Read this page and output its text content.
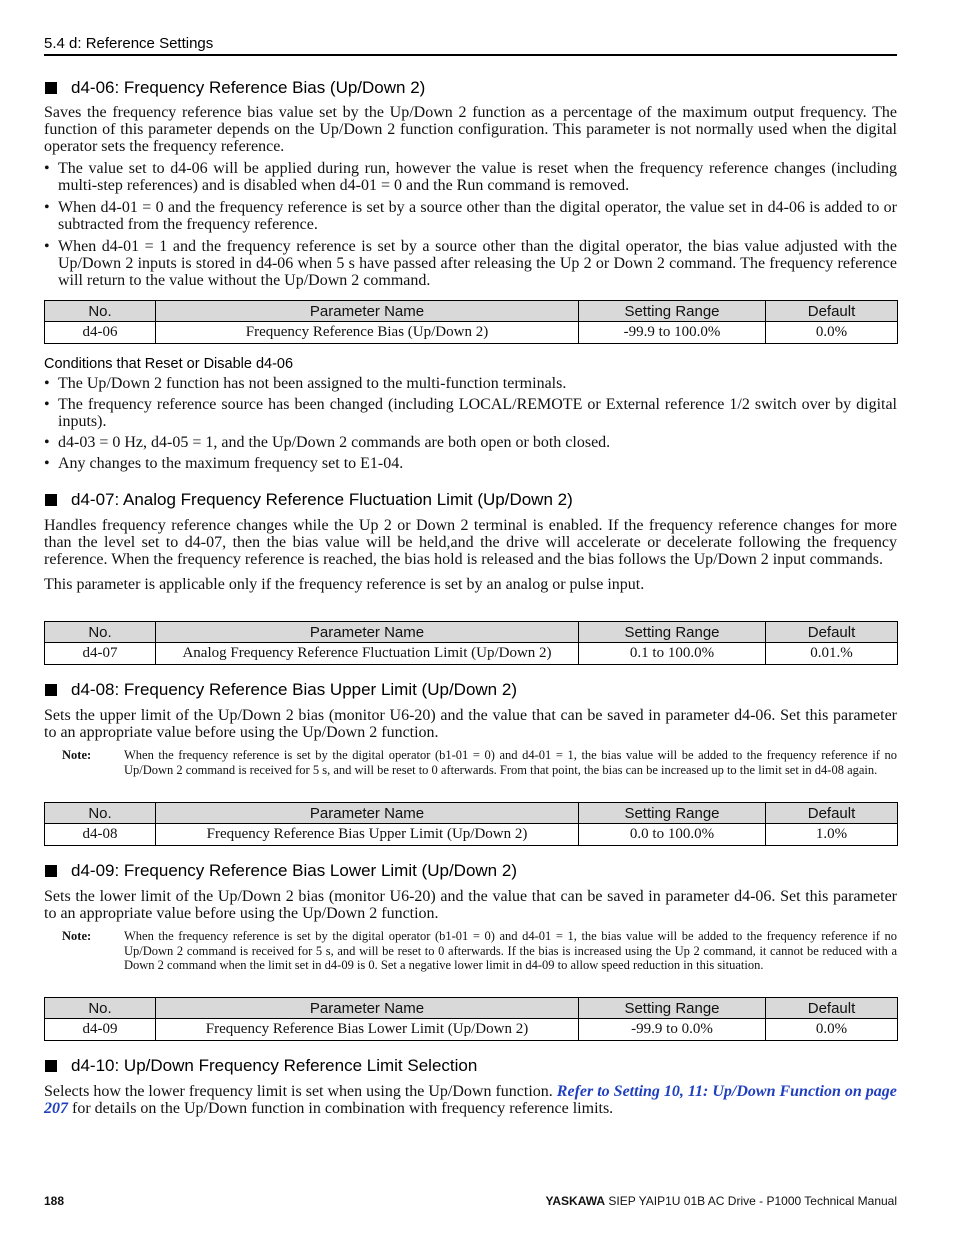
5.4 d: Reference Settings
d4-06: Frequency Reference Bias (Up/Down 2)

Saves the frequency reference bias value set by the Up/Down 2 function as a percentage of the maximum output frequency. The function of this parameter depends on the Up/Down 2 function configuration. This parameter is not normally used when the digital operator sets the frequency reference.

• The value set to d4-06 will be applied during run, however the value is reset when the frequency reference changes (including multi-step references) and is disabled when d4-01 = 0 and the Run command is removed.
• When d4-01 = 0 and the frequency reference is set by a source other than the digital operator, the value set in d4-06 is added to or subtracted from the frequency reference.
• When d4-01 = 1 and the frequency reference is set by a source other than the digital operator, the bias value adjusted with the Up/Down 2 inputs is stored in d4-06 when 5 s have passed after releasing the Up 2 or Down 2 command. The frequency reference will return to the value without the Up/Down 2 command.
No.	Parameter Name	Setting Range	Default
d4-06	Frequency Reference Bias (Up/Down 2)	-99.9 to 100.0%	0.0%
Conditions that Reset or Disable d4-06
• The Up/Down 2 function has not been assigned to the multi-function terminals.
• The frequency reference source has been changed (including LOCAL/REMOTE or External reference 1/2 switch over by digital inputs).
• d4-03 = 0 Hz, d4-05 = 1, and the Up/Down 2 commands are both open or both closed.
• Any changes to the maximum frequency set to E1-04.
d4-07: Analog Frequency Reference Fluctuation Limit (Up/Down 2)

Handles frequency reference changes while the Up 2 or Down 2 terminal is enabled. If the frequency reference changes for more than the level set to d4-07, then the bias value will be held,and the drive will accelerate or decelerate following the frequency reference. When the frequency reference is reached, the bias hold is released and the bias follows the Up/Down 2 input commands.

This parameter is applicable only if the frequency reference is set by an analog or pulse input.

No.	Parameter Name	Setting Range	Default
d4-07	Analog Frequency Reference Fluctuation Limit (Up/Down 2)	0.1 to 100.0%	0.01.%
d4-08: Frequency Reference Bias Upper Limit (Up/Down 2)

Sets the upper limit of the Up/Down 2 bias (monitor U6-20) and the value that can be saved in parameter d4-06. Set this parameter to an appropriate value before using the Up/Down 2 function.

Note:	When the frequency reference is set by the digital operator (b1-01 = 0) and d4-01 = 1, the bias value will be added to the frequency reference if no Up/Down 2 command is received for 5 s, and will be reset to 0 afterwards. From that point, the bias can be increased up to the limit set in d4-08 again.
No.	Parameter Name	Setting Range	Default
d4-08	Frequency Reference Bias Upper Limit (Up/Down 2)	0.0 to 100.0%	1.0%
d4-09: Frequency Reference Bias Lower Limit (Up/Down 2)

Sets the lower limit of the Up/Down 2 bias (monitor U6-20) and the value that can be saved in parameter d4-06. Set this parameter to an appropriate value before using the Up/Down 2 function.

Note:	When the frequency reference is set by the digital operator (b1-01 = 0) and d4-01 = 1, the bias value will be added to the frequency reference if no Up/Down 2 command is received for 5 s, and will be reset to 0 afterwards. If the bias is increased using the Up 2 command, it cannot be reduced with a Down 2 command when the limit set in d4-09 is 0. Set a negative lower limit in d4-09 to allow speed reduction in this situation.
No.	Parameter Name	Setting Range	Default
d4-09	Frequency Reference Bias Lower Limit (Up/Down 2)	-99.9 to 0.0%	0.0%
d4-10: Up/Down Frequency Reference Limit Selection

Selects how the lower frequency limit is set when using the Up/Down function. Refer to Setting 10, 11: Up/Down Function on page 207 for details on the Up/Down function in combination with frequency reference limits.

188	YASKAWA SIEP YAIP1U 01B AC Drive - P1000 Technical Manual
